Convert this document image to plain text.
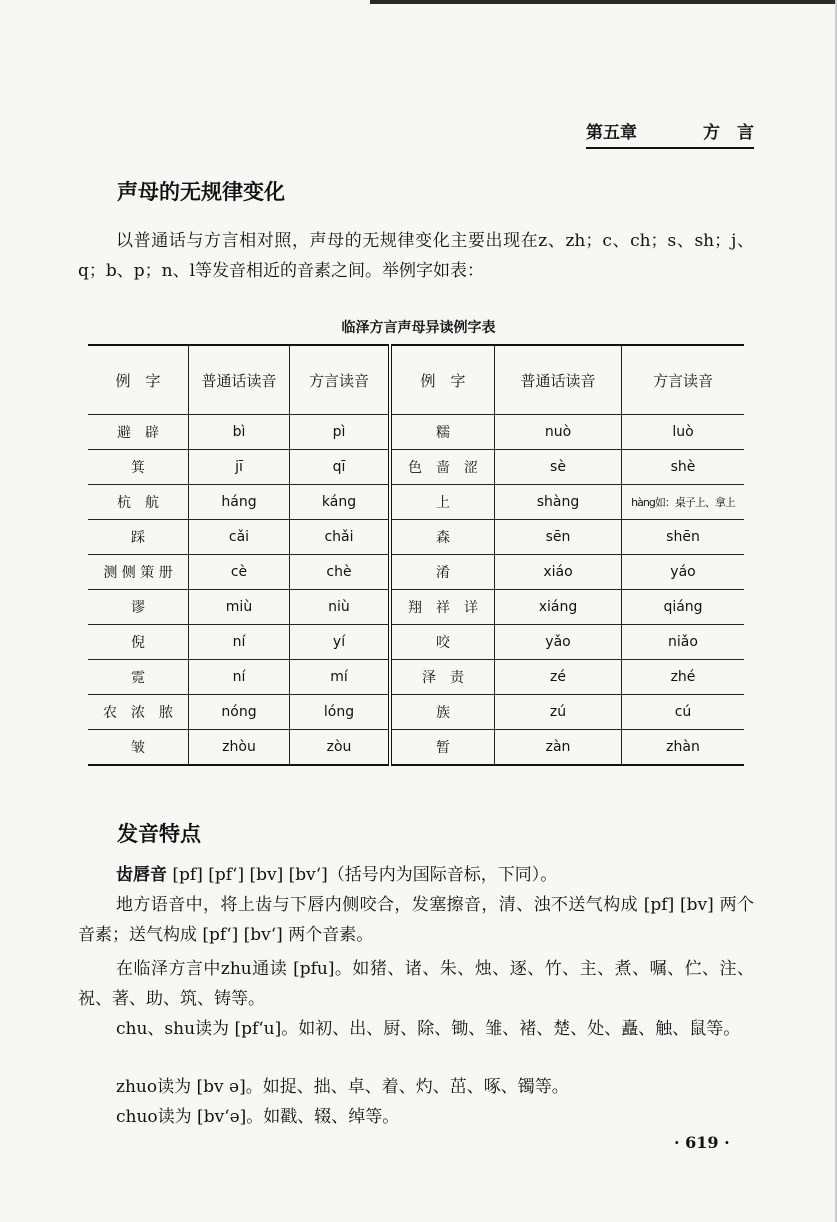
第五章	方　言
声母的无规律变化

以普通话与方言相对照，声母的无规律变化主要出现在z、zh；c、ch；s、sh；j、q；b、p；n、l等发音相近的音素之间。举例字如表：

临泽方言声母异读例字表
例　字	普通话读音	方言读音	例　字	普通话读音	方言读音
避　辟	bì	pì	糯	nuò	luò
箕	jī	qī	色　啬　涩	sè	shè
杭　航	háng	káng	上	shàng	hàng如：桌子上、拿上
踩	cǎi	chǎi	森	sēn	shēn
测 侧 策 册	cè	chè	淆	xiáo	yáo
谬	miù	niù	翔　祥　详	xiáng	qiáng
倪	ní	yí	咬	yǎo	niǎo
霓	ní	mí	泽　责	zé	zhé
农　浓　脓	nóng	lóng	族	zú	cú
皱	zhòu	zòu	暂	zàn	zhàn
发音特点

齿唇音 [pf] [pf‘] [bv] [bv‘]（括号内为国际音标，下同）。

地方语音中，将上齿与下唇内侧咬合，发塞擦音，清、浊不送气构成 [pf] [bv] 两个音素；送气构成 [pf‘] [bv‘] 两个音素。

在临泽方言中zhu通读 [pfu]。如猪、诸、朱、烛、逐、竹、主、煮、嘱、伫、注、祝、著、助、筑、铸等。

chu、shu读为 [pf‘u]。如初、出、厨、除、锄、雏、褚、楚、处、矗、触、鼠等。

zhuo读为 [bv ə]。如捉、拙、卓、着、灼、茁、啄、镯等。

chuo读为 [bv‘ə]。如戳、辍、绰等。

· 619 ·
